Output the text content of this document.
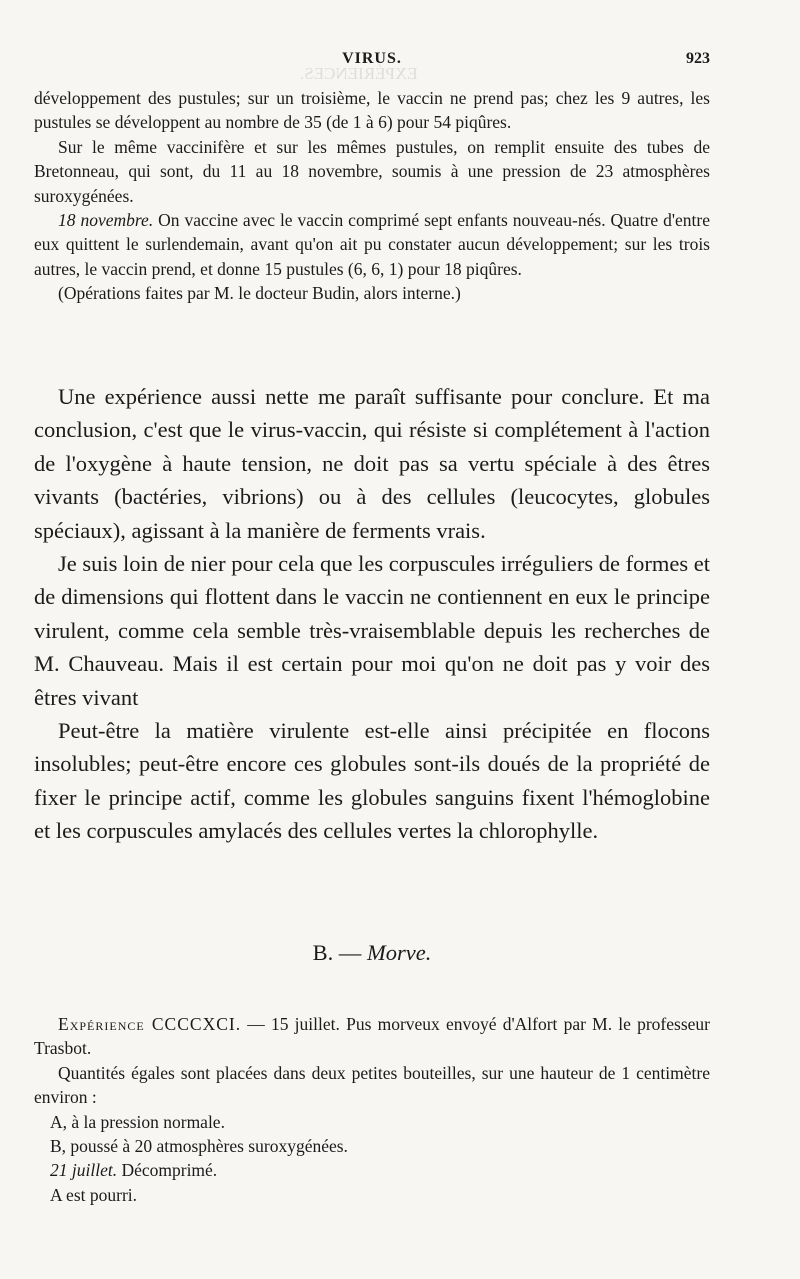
EXPÉRIENCES.
VIRUS.	923

développement des pustules; sur un troisième, le vaccin ne prend pas; chez les 9 autres, les pustules se développent au nombre de 35 (de 1 à 6) pour 54 piqûres.

Sur le même vaccinifère et sur les mêmes pustules, on remplit ensuite des tubes de Bretonneau, qui sont, du 11 au 18 novembre, soumis à une pression de 23 atmosphères suroxygénées.

18 novembre. On vaccine avec le vaccin comprimé sept enfants nouveau-nés. Quatre d'entre eux quittent le surlendemain, avant qu'on ait pu constater aucun développement; sur les trois autres, le vaccin prend, et donne 15 pustules (6, 6, 1) pour 18 piqûres.

(Opérations faites par M. le docteur Budin, alors interne.)

Une expérience aussi nette me paraît suffisante pour conclure. Et ma conclusion, c'est que le virus-vaccin, qui résiste si complétement à l'action de l'oxygène à haute tension, ne doit pas sa vertu spéciale à des êtres vivants (bactéries, vibrions) ou à des cellules (leucocytes, globules spéciaux), agissant à la manière de ferments vrais.

Je suis loin de nier pour cela que les corpuscules irréguliers de formes et de dimensions qui flottent dans le vaccin ne contiennent en eux le principe virulent, comme cela semble très-vraisemblable depuis les recherches de M. Chauveau. Mais il est certain pour moi qu'on ne doit pas y voir des êtres vivant

Peut-être la matière virulente est-elle ainsi précipitée en flocons insolubles; peut-être encore ces globules sont-ils doués de la propriété de fixer le principe actif, comme les globules sanguins fixent l'hémoglobine et les corpuscules amylacés des cellules vertes la chlorophylle.

B. — Morve.

Expérience CCCCXCI. — 15 juillet. Pus morveux envoyé d'Alfort par M. le professeur Trasbot.

Quantités égales sont placées dans deux petites bouteilles, sur une hauteur de 1 centimètre environ :

A, à la pression normale.

B, poussé à 20 atmosphères suroxygénées.

21 juillet. Décomprimé.

A est pourri.
